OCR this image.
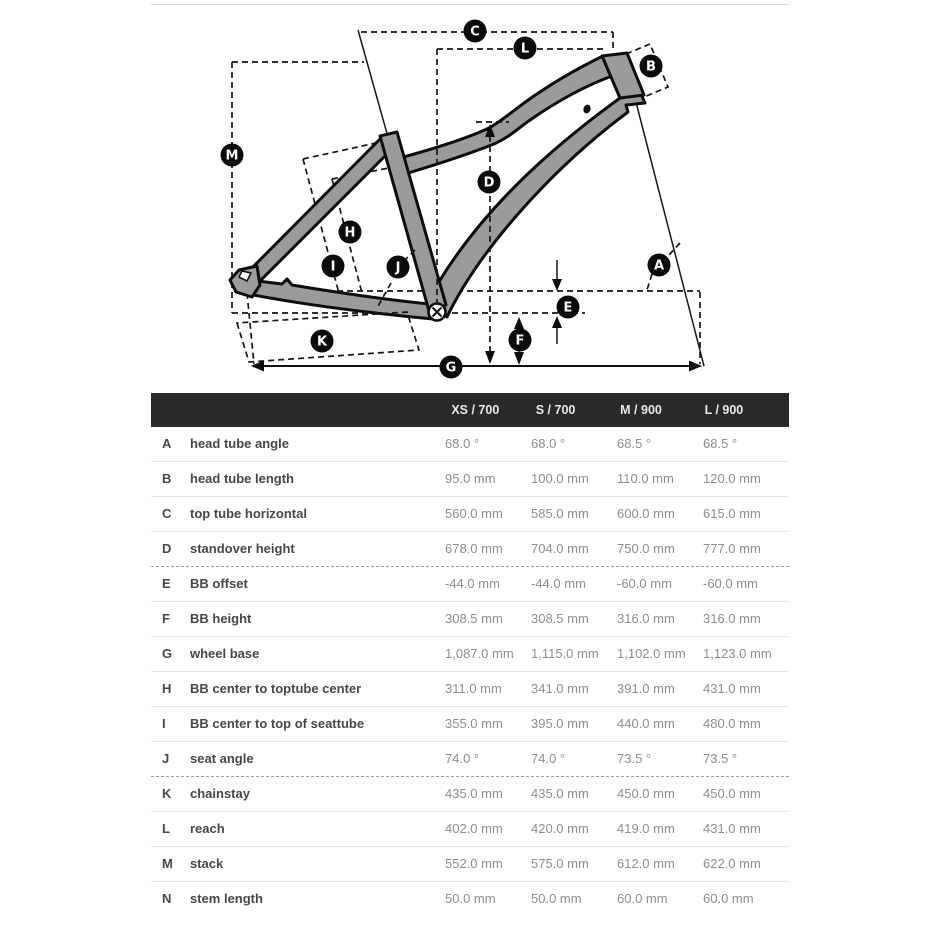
C
L
B
M
D
H
I	J	A
E
F
K
G
XS / 700	S / 700	M / 900	L / 900
A	head tube angle	68.0 °	68.0 °	68.5 °	68.5 °
B	head tube length	95.0 mm	100.0 mm	110.0 mm	120.0 mm
C	top tube horizontal	560.0 mm	585.0 mm	600.0 mm	615.0 mm
D	standover height	678.0 mm	704.0 mm	750.0 mm	777.0 mm
E	BB offset	-44.0 mm	-44.0 mm	-60.0 mm	-60.0 mm
F	BB height	308.5 mm	308.5 mm	316.0 mm	316.0 mm
G	wheel base	1,087.0 mm	1,115.0 mm	1,102.0 mm	1,123.0 mm
H	BB center to toptube center	311.0 mm	341.0 mm	391.0 mm	431.0 mm
I	BB center to top of seattube	355.0 mm	395.0 mm	440.0 mm	480.0 mm
J	seat angle	74.0 °	74.0 °	73.5 °	73.5 °
K	chainstay	435.0 mm	435.0 mm	450.0 mm	450.0 mm
L	reach	402.0 mm	420.0 mm	419.0 mm	431.0 mm
M	stack	552.0 mm	575.0 mm	612.0 mm	622.0 mm
N	stem length	50.0 mm	50.0 mm	60.0 mm	60.0 mm
